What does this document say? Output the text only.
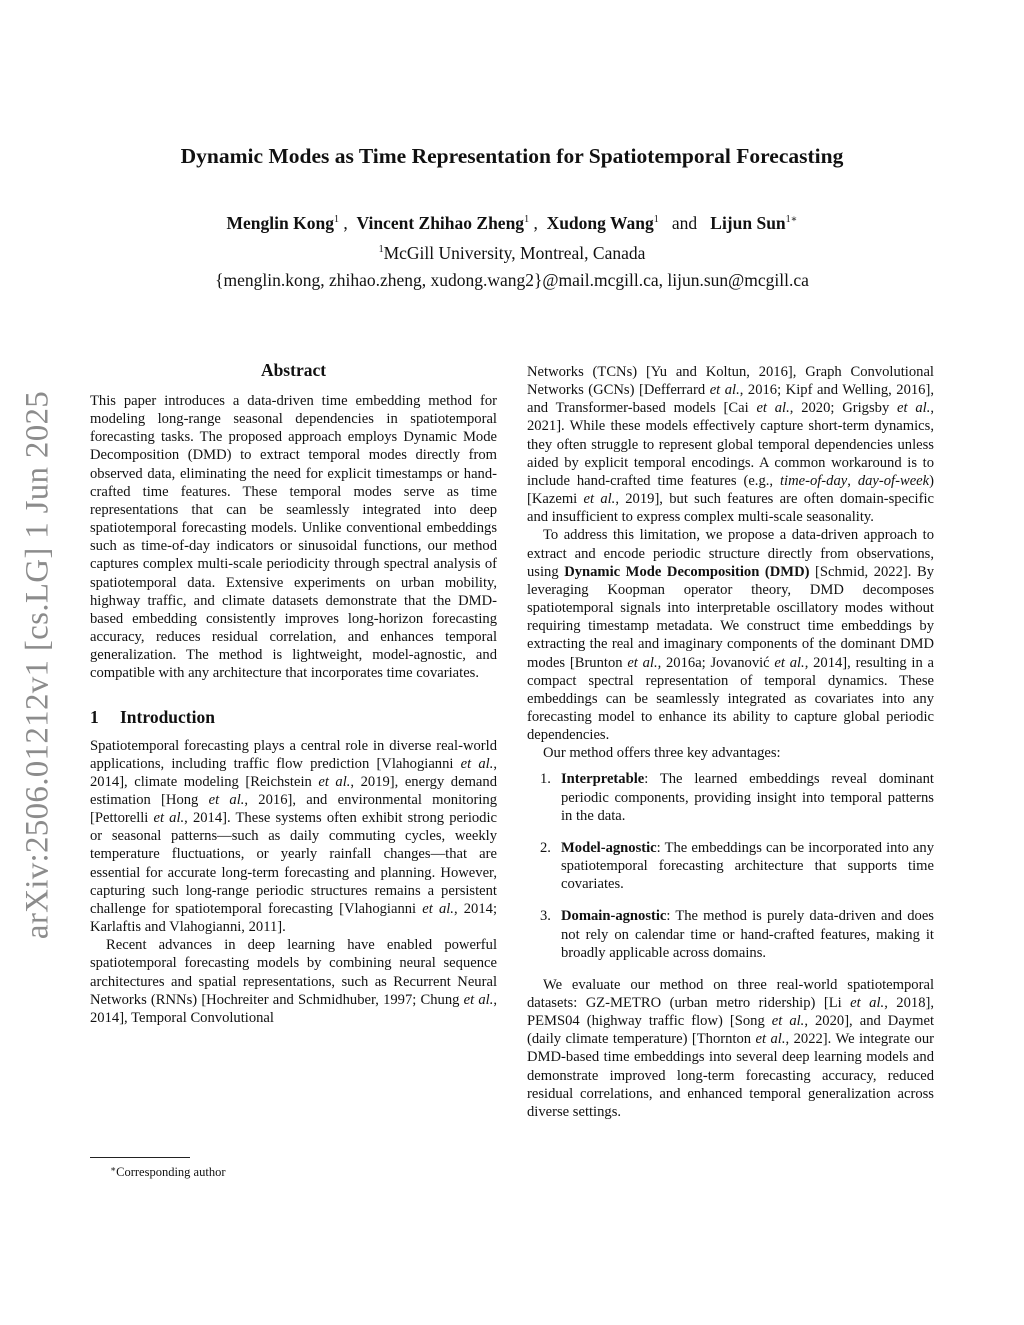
arXiv:2506.01212v1 [cs.LG] 1 Jun 2025
Dynamic Modes as Time Representation for Spatiotemporal Forecasting
Menglin Kong$^1$ , Vincent Zhihao Zheng$^1$ , Xudong Wang$^1$ and Lijun Sun$^{1∗}$
$^1$McGill University, Montreal, Canada
{menglin.kong, zhihao.zheng, xudong.wang2}@mail.mcgill.ca, lijun.sun@mcgill.ca
Abstract

This paper introduces a data-driven time embedding method for modeling long-range seasonal dependencies in spatiotemporal forecasting tasks. The proposed approach employs Dynamic Mode Decomposition (DMD) to extract temporal modes directly from observed data, eliminating the need for explicit timestamps or hand-crafted time features. These temporal modes serve as time representations that can be seamlessly integrated into deep spatiotemporal forecasting models. Unlike conventional embeddings such as time-of-day indicators or sinusoidal functions, our method captures complex multi-scale periodicity through spectral analysis of spatiotemporal data. Extensive experiments on urban mobility, highway traffic, and climate datasets demonstrate that the DMD-based embedding consistently improves long-horizon forecasting accuracy, reduces residual correlation, and enhances temporal generalization. The method is lightweight, model-agnostic, and compatible with any architecture that incorporates time covariates.

1 Introduction

Spatiotemporal forecasting plays a central role in diverse real-world applications, including traffic flow prediction [Vlahogianni et al., 2014], climate modeling [Reichstein et al., 2019], energy demand estimation [Hong et al., 2016], and environmental monitoring [Pettorelli et al., 2014]. These systems often exhibit strong periodic or seasonal patterns—such as daily commuting cycles, weekly temperature fluctuations, or yearly rainfall changes—that are essential for accurate long-term forecasting and planning. However, capturing such long-range periodic structures remains a persistent challenge for spatiotemporal forecasting [Vlahogianni et al., 2014; Karlaftis and Vlahogianni, 2011].

Recent advances in deep learning have enabled powerful spatiotemporal forecasting models by combining neural sequence architectures and spatial representations, such as Recurrent Neural Networks (RNNs) [Hochreiter and Schmidhuber, 1997; Chung et al., 2014], Temporal Convolutional

Networks (TCNs) [Yu and Koltun, 2016], Graph Convolutional Networks (GCNs) [Defferrard et al., 2016; Kipf and Welling, 2016], and Transformer-based models [Cai et al., 2020; Grigsby et al., 2021]. While these models effectively capture short-term dynamics, they often struggle to represent global temporal dependencies unless aided by explicit temporal encodings. A common workaround is to include hand-crafted time features (e.g., time-of-day, day-of-week) [Kazemi et al., 2019], but such features are often domain-specific and insufficient to express complex multi-scale seasonality.

To address this limitation, we propose a data-driven approach to extract and encode periodic structure directly from observations, using Dynamic Mode Decomposition (DMD) [Schmid, 2022]. By leveraging Koopman operator theory, DMD decomposes spatiotemporal signals into interpretable oscillatory modes without requiring timestamp metadata. We construct time embeddings by extracting the real and imaginary components of the dominant DMD modes [Brunton et al., 2016a; Jovanović et al., 2014], resulting in a compact spectral representation of temporal dynamics. These embeddings can be seamlessly integrated as covariates into any forecasting model to enhance its ability to capture global periodic dependencies.

Our method offers three key advantages:

1. Interpretable: The learned embeddings reveal dominant periodic components, providing insight into temporal patterns in the data.
2. Model-agnostic: The embeddings can be incorporated into any spatiotemporal forecasting architecture that supports time covariates.
3. Domain-agnostic: The method is purely data-driven and does not rely on calendar time or hand-crafted features, making it broadly applicable across domains.

We evaluate our method on three real-world spatiotemporal datasets: GZ-METRO (urban metro ridership) [Li et al., 2018], PEMS04 (highway traffic flow) [Song et al., 2020], and Daymet (daily climate temperature) [Thornton et al., 2022]. We integrate our DMD-based time embeddings into several deep learning models and demonstrate improved long-term forecasting accuracy, reduced residual correlations, and enhanced temporal generalization across diverse settings.

∗Corresponding author
